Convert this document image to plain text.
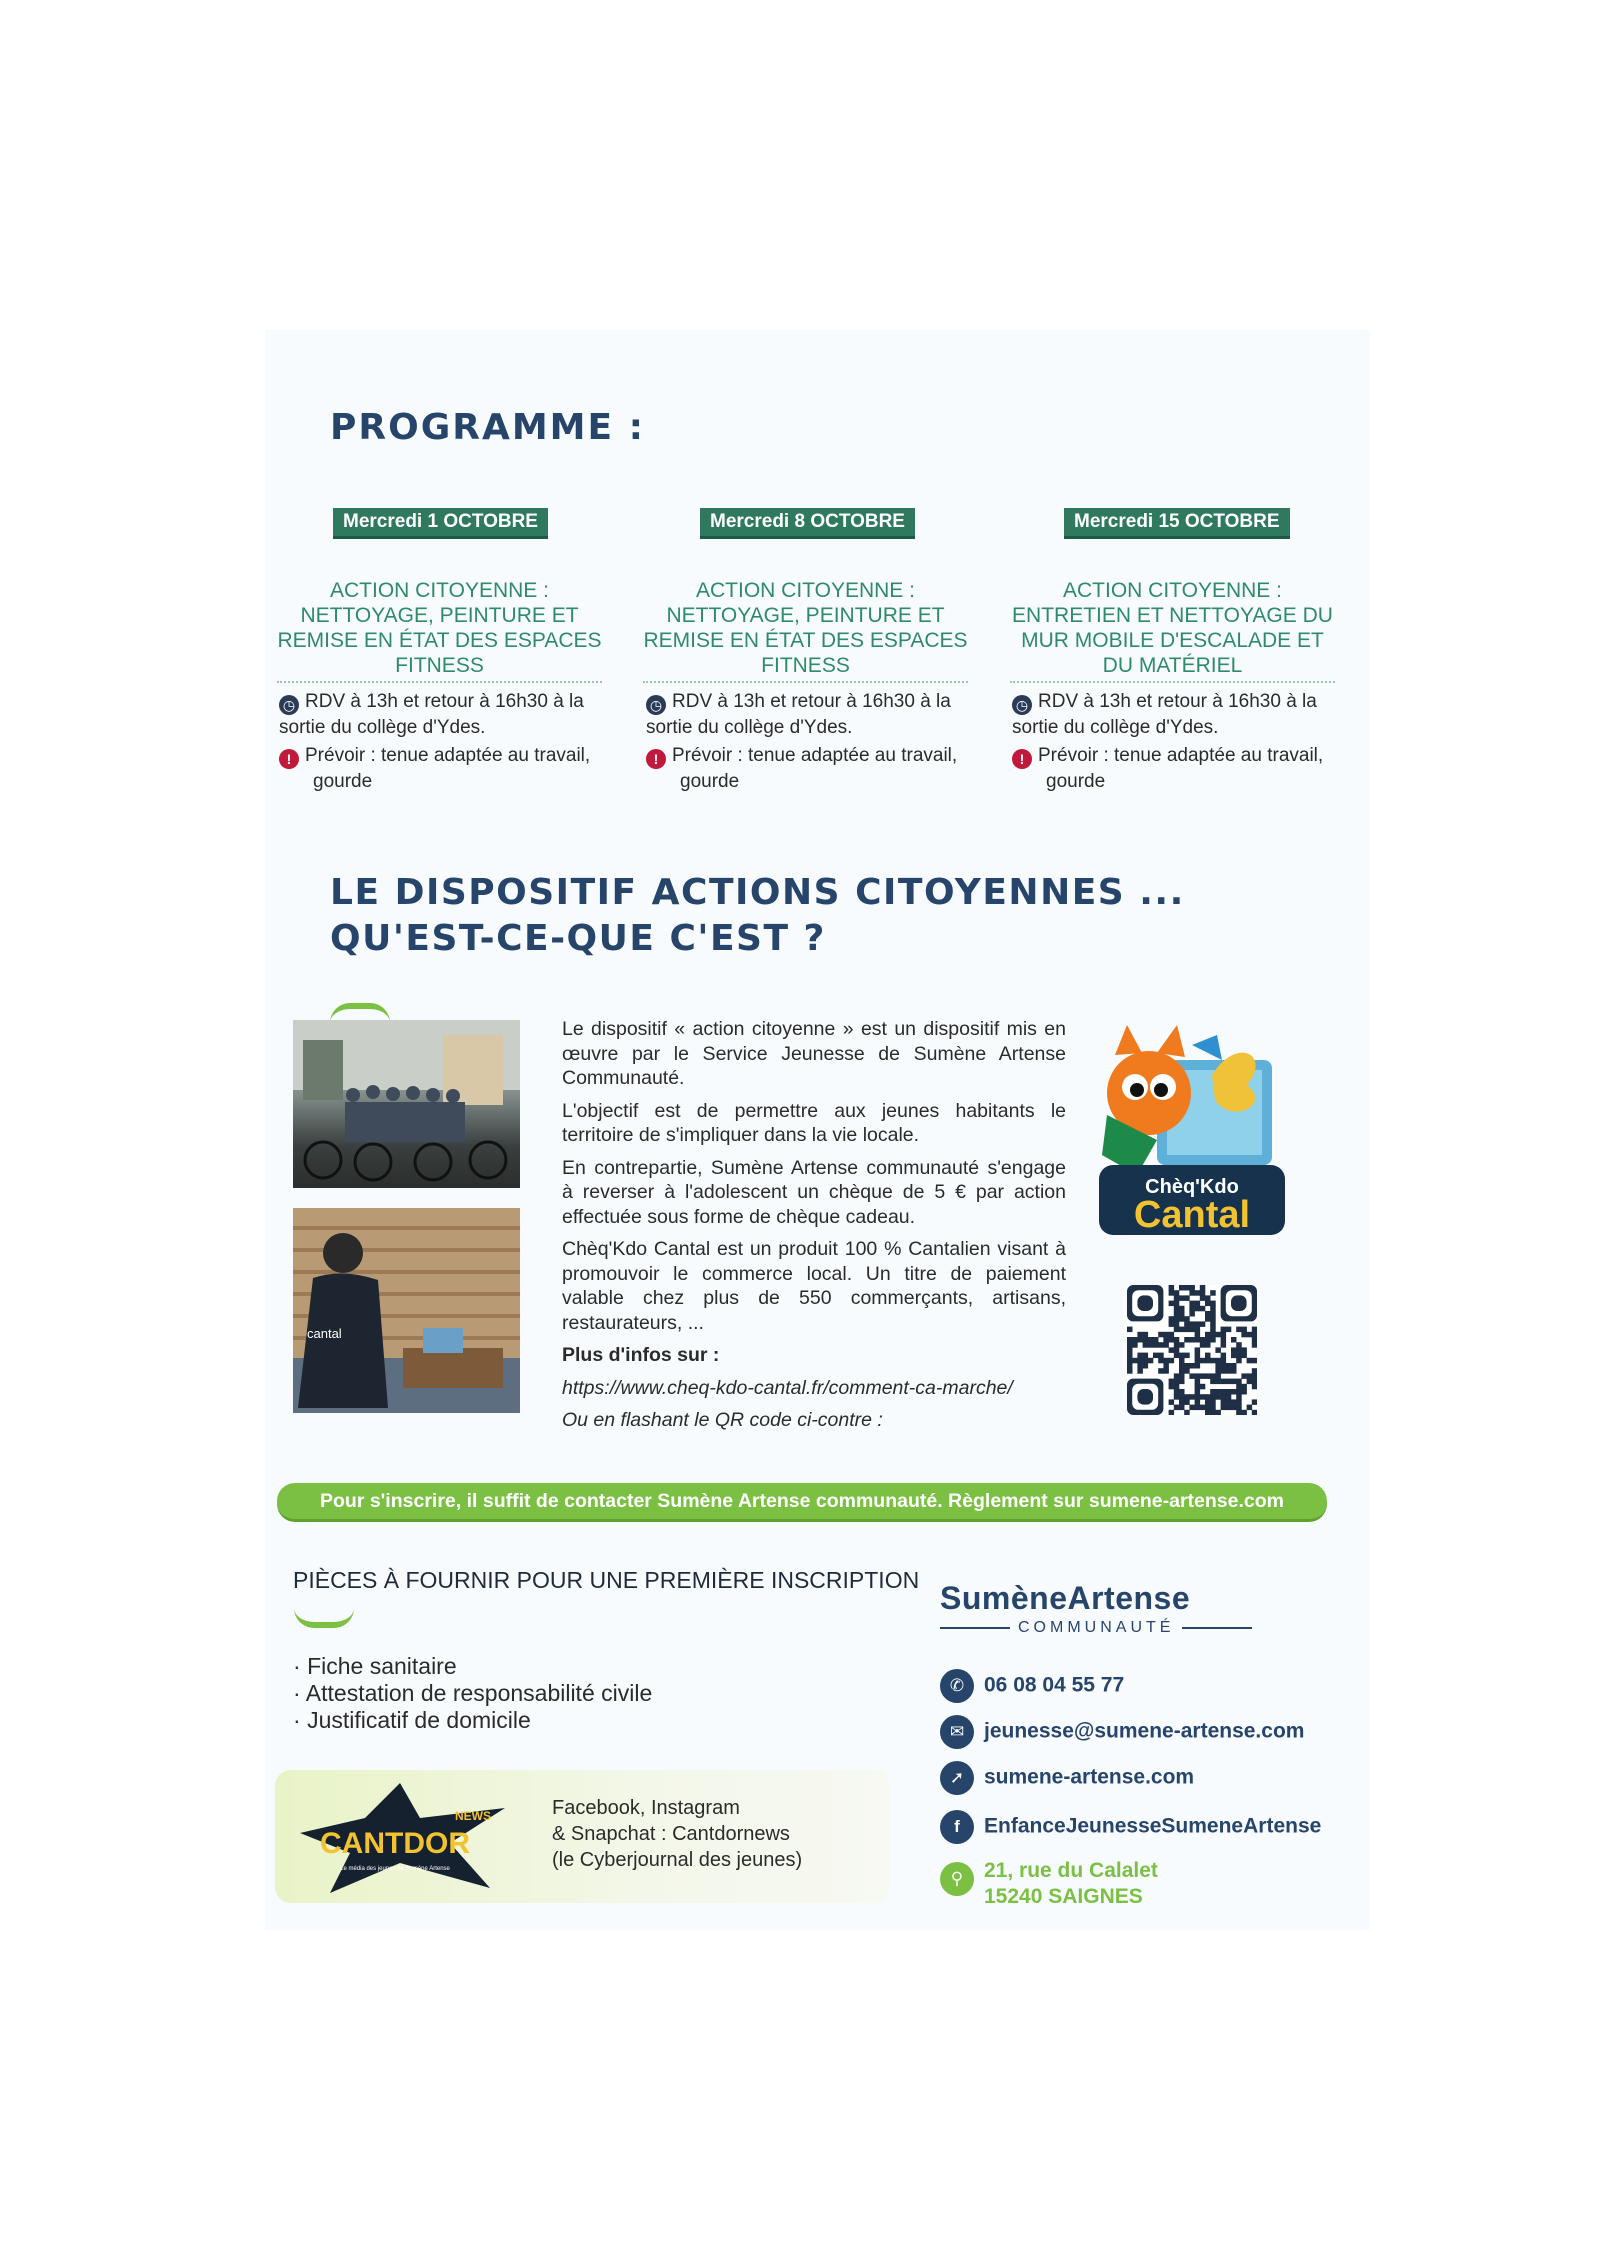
PROGRAMME :
Mercredi 1 OCTOBRE
ACTION CITOYENNE :
NETTOYAGE, PEINTURE ET
REMISE EN ÉTAT DES ESPACES
FITNESS
◷ RDV à 13h et retour à 16h30 à la
sortie du collège d'Ydes.
! Prévoir : tenue adaptée au travail,
gourde
Mercredi 8 OCTOBRE
ACTION CITOYENNE :
NETTOYAGE, PEINTURE ET
REMISE EN ÉTAT DES ESPACES
FITNESS
◷ RDV à 13h et retour à 16h30 à la
sortie du collège d'Ydes.
! Prévoir : tenue adaptée au travail,
gourde
Mercredi 15 OCTOBRE
ACTION CITOYENNE :
ENTRETIEN ET NETTOYAGE DU
MUR MOBILE D'ESCALADE ET
DU MATÉRIEL
◷ RDV à 13h et retour à 16h30 à la
sortie du collège d'Ydes.
! Prévoir : tenue adaptée au travail,
gourde
LE DISPOSITIF ACTIONS CITOYENNES ...
QU'EST-CE-QUE C'EST ?
cantal

Le dispositif « action citoyenne » est un dispositif mis en œuvre par le Service Jeunesse de Sumène Artense Communauté.

L'objectif est de permettre aux jeunes habitants le territoire de s'impliquer dans la vie locale.

En contrepartie, Sumène Artense communauté s'engage à reverser à l'adolescent un chèque de 5 € par action effectuée sous forme de chèque cadeau.

Chèq'Kdo Cantal est un produit 100 % Cantalien visant à promouvoir le commerce local. Un titre de paiement valable chez plus de 550 commerçants, artisans, restaurateurs, ...

Plus d'infos sur :

https://www.cheq-kdo-cantal.fr/comment-ca-marche/

Ou en flashant le QR code ci-contre :

Chèq'Kdo
Cantal
Pour s'inscrire, il suffit de contacter Sumène Artense communauté. Règlement sur sumene-artense.com
PIÈCES À FOURNIR POUR UNE PREMIÈRE INSCRIPTION
· Fiche sanitaire
· Attestation de responsabilité civile
· Justificatif de domicile
CANTDOR
NEWS
Le média des jeunes de Sumène Artense
Facebook, Instagram
& Snapchat : Cantdornews
(le Cyberjournal des jeunes)
SumèneArtense
COMMUNAUTÉ
✆ 06 08 04 55 77
✉ jeunesse@sumene-artense.com
➚ sumene-artense.com
f EnfanceJeunesseSumeneArtense
⚲ 21, rue du Calalet
15240 SAIGNES
